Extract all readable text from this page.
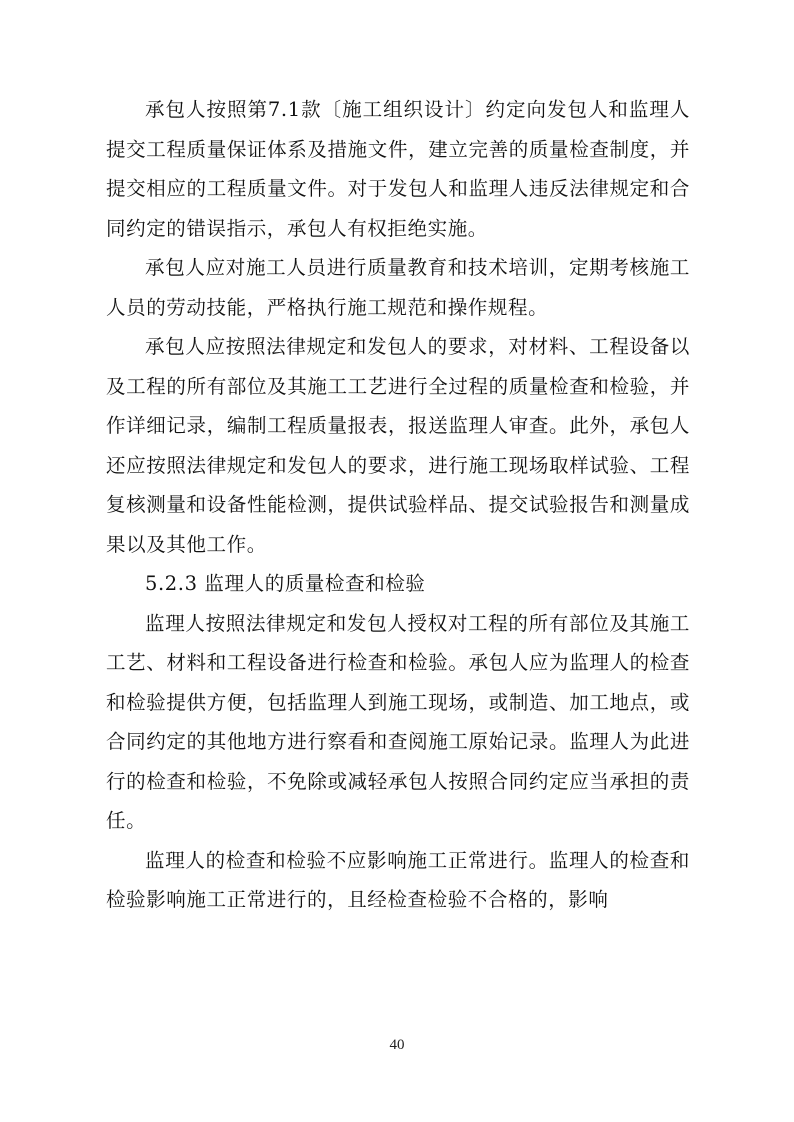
承包人按照第7.1款〔施工组织设计〕约定向发包人和监理人提交工程质量保证体系及措施文件，建立完善的质量检查制度，并提交相应的工程质量文件。对于发包人和监理人违反法律规定和合同约定的错误指示，承包人有权拒绝实施。

承包人应对施工人员进行质量教育和技术培训，定期考核施工人员的劳动技能，严格执行施工规范和操作规程。

承包人应按照法律规定和发包人的要求，对材料、工程设备以及工程的所有部位及其施工工艺进行全过程的质量检查和检验，并作详细记录，编制工程质量报表，报送监理人审查。此外，承包人还应按照法律规定和发包人的要求，进行施工现场取样试验、工程复核测量和设备性能检测，提供试验样品、提交试验报告和测量成果以及其他工作。

5.2.3 监理人的质量检查和检验

监理人按照法律规定和发包人授权对工程的所有部位及其施工工艺、材料和工程设备进行检查和检验。承包人应为监理人的检查和检验提供方便，包括监理人到施工现场，或制造、加工地点，或合同约定的其他地方进行察看和查阅施工原始记录。监理人为此进行的检查和检验，不免除或减轻承包人按照合同约定应当承担的责任。

监理人的检查和检验不应影响施工正常进行。监理人的检查和检验影响施工正常进行的，且经检查检验不合格的，影响

40
